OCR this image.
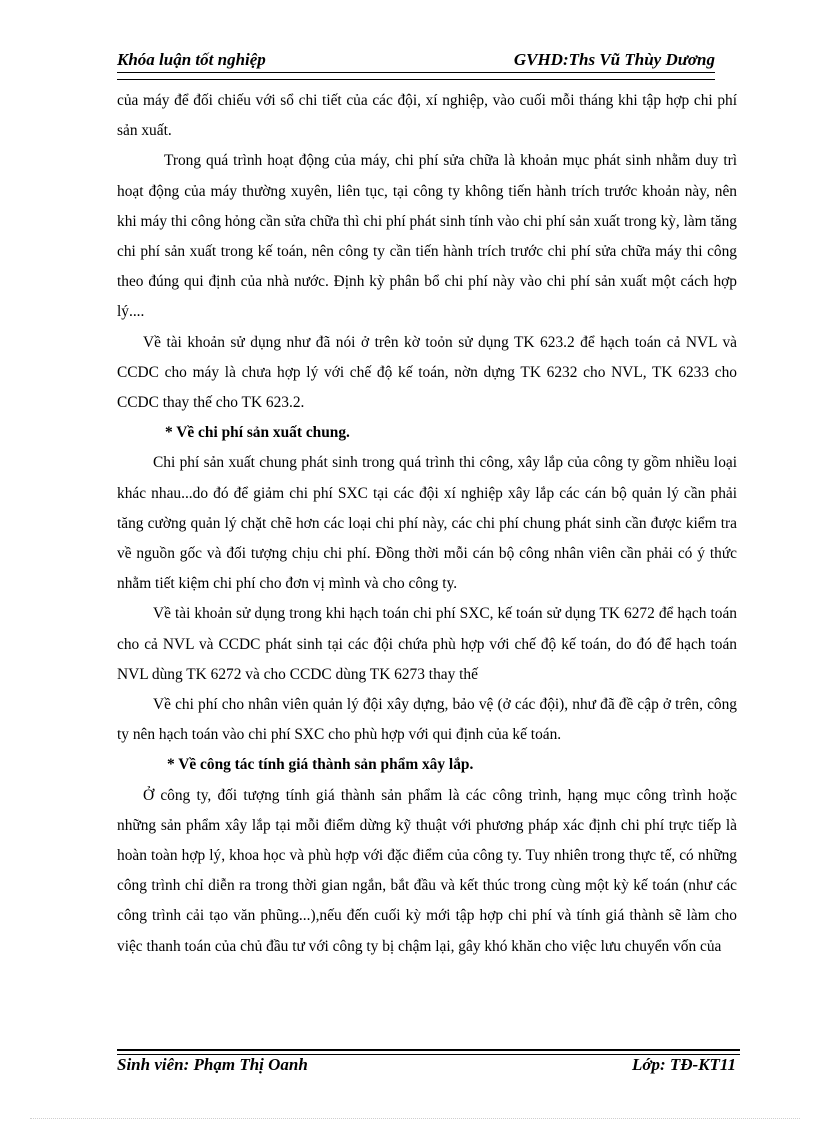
Khóa luận tốt nghiệp	GVHD:Ths Vũ Thùy Dương

của máy để đối chiếu với sổ chi tiết của các đội, xí nghiệp, vào cuối mỗi tháng khi tập hợp chi phí sản xuất.

Trong quá trình hoạt động của máy, chi phí sửa chữa là khoản mục phát sinh nhằm duy trì hoạt động của máy thường xuyên, liên tục, tại công ty không tiến hành trích trước khoản này, nên khi máy thi công hỏng cần sửa chữa thì chi phí phát sinh tính vào chi phí sản xuất trong kỳ, làm tăng chi phí sản xuất trong kế toán, nên công ty cần tiến hành trích trước chi phí sửa chữa máy thi công theo đúng qui định của nhà nước. Định kỳ phân bổ chi phí này vào chi phí sản xuất một cách hợp lý....

Về tài khoản sử dụng như đã nói ở trên kờ toỏn sử dụng TK 623.2 để hạch toán cả NVL và CCDC cho máy là chưa hợp lý với chế độ kế toán, nờn dựng TK 6232 cho NVL, TK 6233 cho CCDC thay thế cho TK 623.2.

* Về chi phí sản xuất chung.

Chi phí sản xuất chung phát sinh trong quá trình thi công, xây lắp của công ty gồm nhiều loại khác nhau...do đó để giảm chi phí SXC tại các đội xí nghiệp xây lắp các cán bộ quản lý cần phải tăng cường quản lý chặt chẽ hơn các loại chi phí này, các chi phí chung phát sinh cần được kiểm tra về nguồn gốc và đối tượng chịu chi phí. Đồng thời mỗi cán bộ công nhân viên cần phải có ý thức nhằm tiết kiệm chi phí cho đơn vị mình và cho công ty.

Về tài khoản sử dụng trong khi hạch toán chi phí SXC, kế toán sử dụng TK 6272 để hạch toán cho cả NVL và CCDC phát sinh tại các đội chứa phù hợp với chế độ kế toán, do đó để hạch toán NVL dùng TK 6272 và cho CCDC dùng TK 6273 thay thế

Về chi phí cho nhân viên quản lý đội xây dựng, bảo vệ (ở các đội), như đã đề cập ở trên, công ty nên hạch toán vào chi phí SXC cho phù hợp với qui định của kế toán.

* Về công tác tính giá thành sản phẩm xây lắp.

Ở công ty, đối tượng tính giá thành sản phẩm là các công trình, hạng mục công trình hoặc những sản phẩm xây lắp tại mỗi điểm dừng kỹ thuật với phương pháp xác định chi phí trực tiếp là hoàn toàn hợp lý, khoa học và phù hợp với đặc điểm của công ty. Tuy nhiên trong thực tế, có những công trình chỉ diễn ra trong thời gian ngắn, bắt đầu và kết thúc trong cùng một kỳ kế toán (như các công trình cải tạo văn phũng...),nếu đến cuối kỳ mới tập hợp chi phí và tính giá thành sẽ làm cho việc thanh toán của chủ đầu tư với công ty bị chậm lại, gây khó khăn cho việc lưu chuyển vốn của

Sinh viên: Phạm Thị Oanh	Lớp: TĐ-KT11
